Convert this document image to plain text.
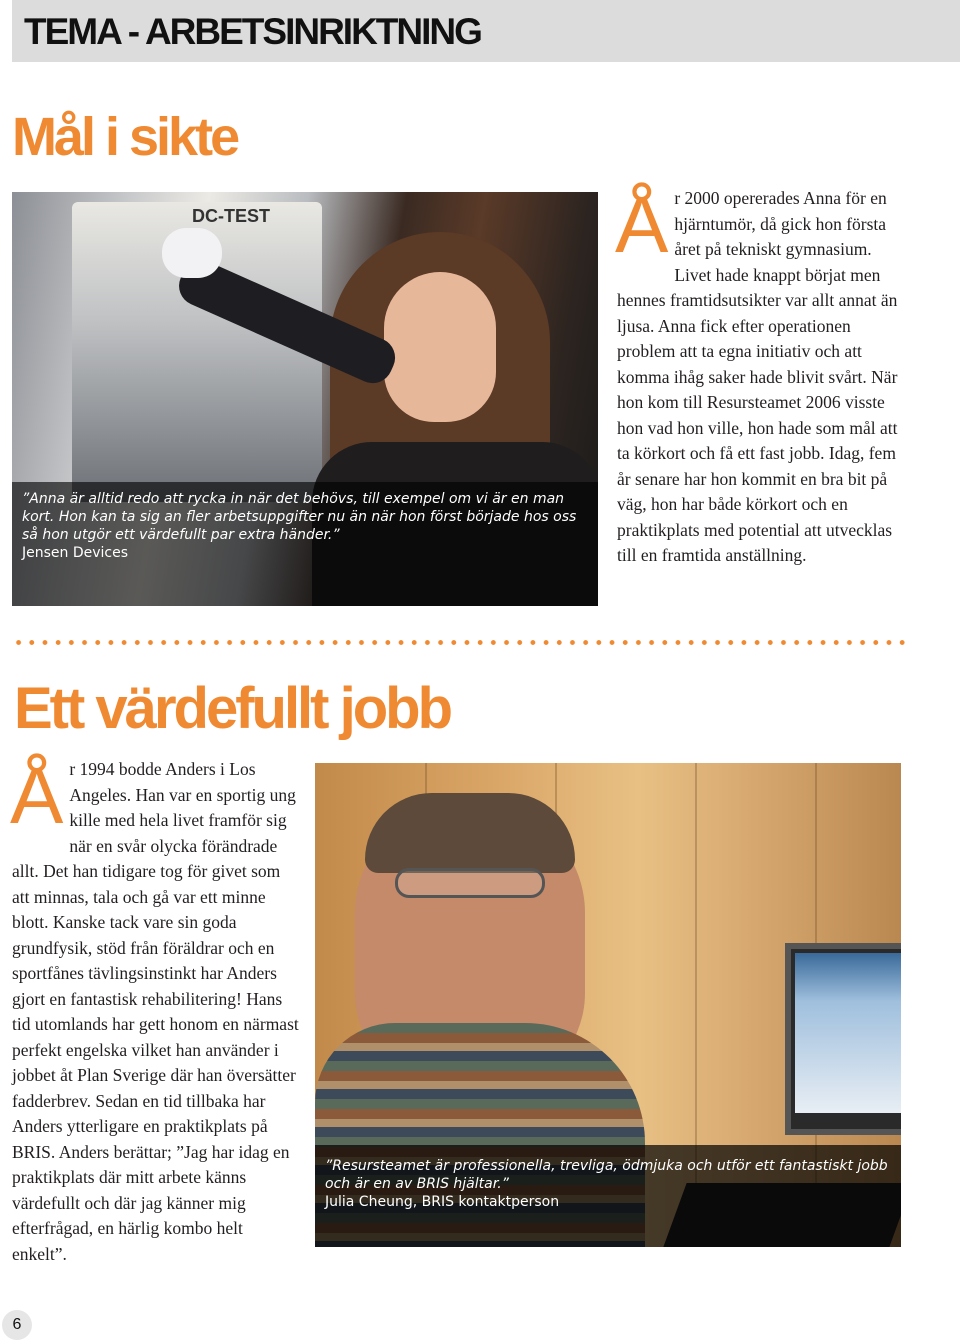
TEMA - ARBETSINRIKTNING
Mål i sikte
DC-TEST
”Anna är alltid redo att rycka in när det behövs, till exempel om vi är en man kort. Hon kan ta sig an fler arbetsuppgifter nu än när hon först började hos oss så hon utgör ett värdefullt par extra händer.”
Jensen Devices
År 2000 opererades Anna för en hjärntumör, då gick hon första året på tekniskt gymnasium. Livet hade knappt börjat men hennes framtidsutsikter var allt annat än ljusa. Anna fick efter operationen problem att ta egna initiativ och att komma ihåg saker hade blivit svårt. När hon kom till Resursteamet 2006 visste hon vad hon ville, hon hade som mål att ta körkort och få ett fast jobb. Idag, fem år senare har hon kommit en bra bit på väg, hon har både körkort och en praktikplats med potential att utvecklas till en framtida anställning.
Ett värdefullt jobb
År 1994 bodde Anders i Los Angeles. Han var en sportig ung kille med hela livet framför sig när en svår olycka förändrade allt. Det han tidigare tog för givet som att minnas, tala och gå var ett minne blott. Kanske tack vare sin goda grundfysik, stöd från föräldrar och en sportfånes tävlingsinstinkt har Anders gjort en fantastisk rehabilitering! Hans tid utomlands har gett honom en närmast perfekt engelska vilket han använder i jobbet åt Plan Sverige där han översätter fadderbrev. Sedan en tid tillbaka har Anders ytterligare en praktikplats på BRIS. Anders berättar; ”Jag har idag en praktikplats där mitt arbete känns värdefullt och där jag känner mig efterfrågad, en härlig kombo helt enkelt”.
”Resursteamet är professionella, trevliga, ödmjuka och utför ett fantastiskt jobb och är en av BRIS hjältar.”
Julia Cheung, BRIS kontaktperson
6
